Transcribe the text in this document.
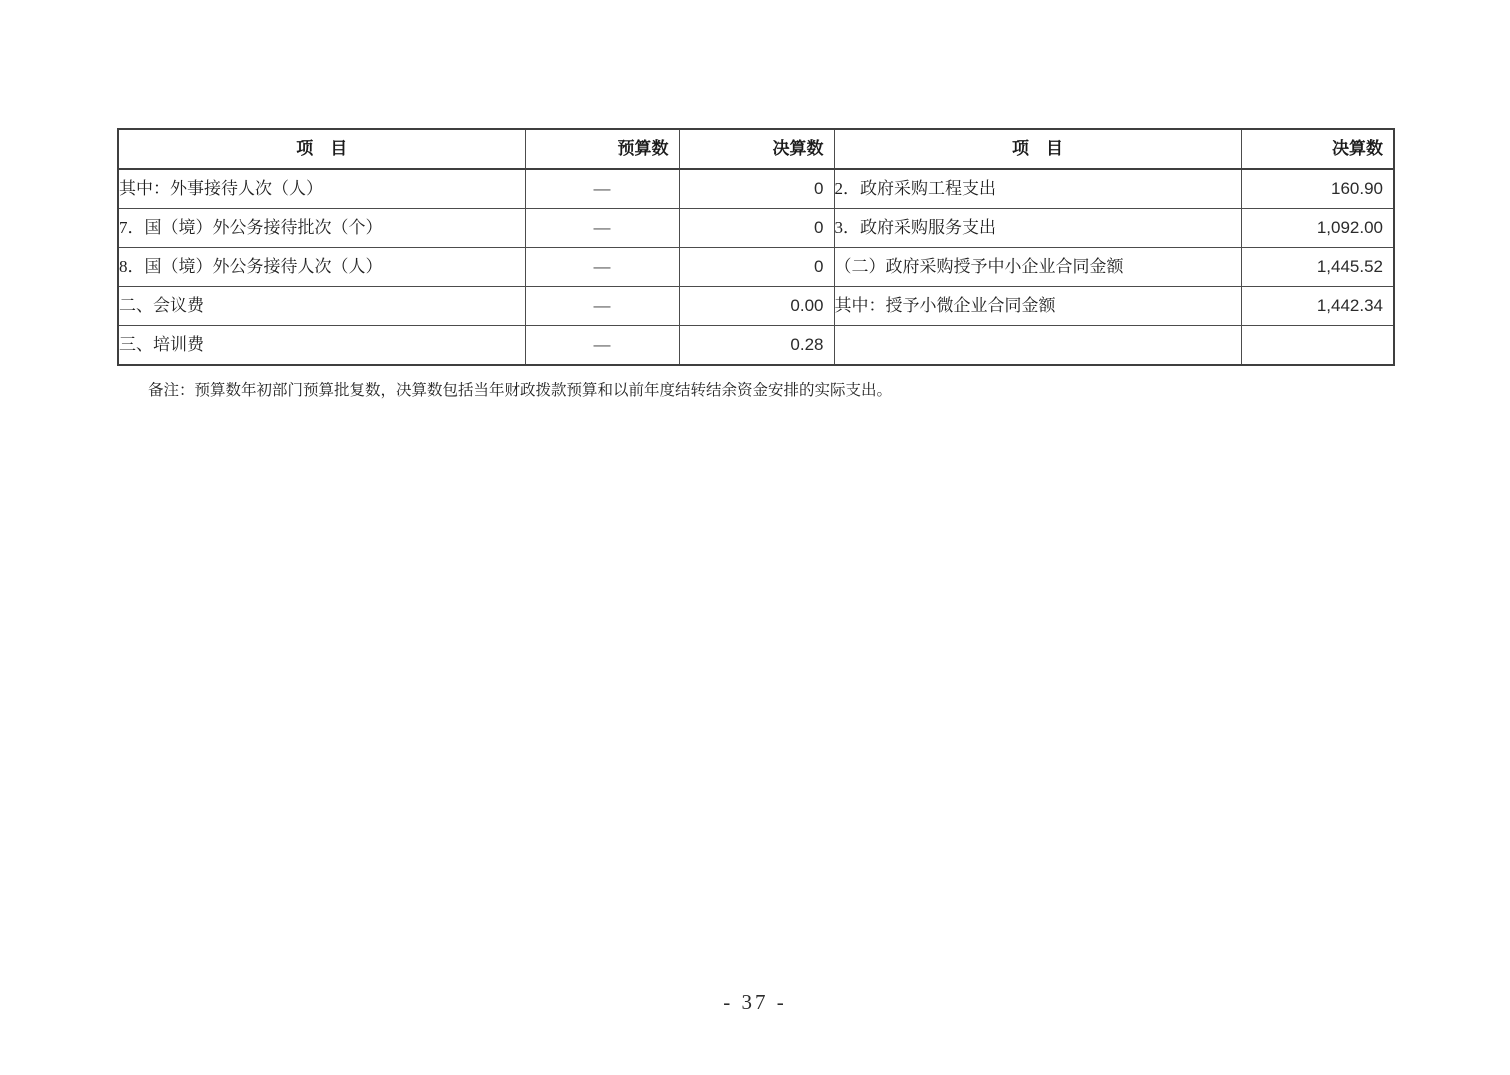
项　目	预算数	决算数	项　目	决算数
其中：外事接待人次（人）	—	0	2．政府采购工程支出	160.90
7．国（境）外公务接待批次（个）	—	0	3．政府采购服务支出	1,092.00
8．国（境）外公务接待人次（人）	—	0	（二）政府采购授予中小企业合同金额	1,445.52
二、会议费	—	0.00	其中：授予小微企业合同金额	1,442.34
三、培训费	—	0.28		

备注：预算数年初部门预算批复数，决算数包括当年财政拨款预算和以前年度结转结余资金安排的实际支出。

- 37 -
